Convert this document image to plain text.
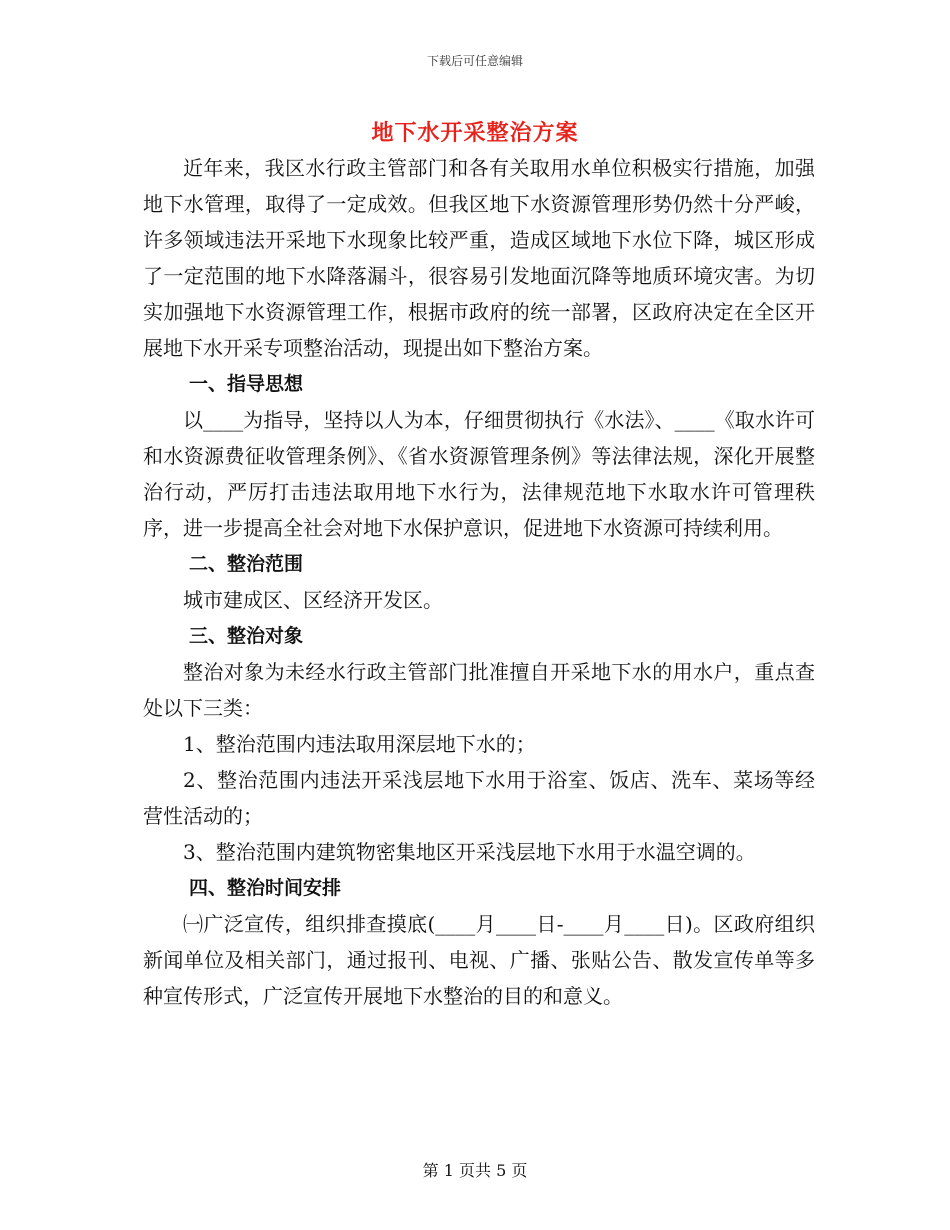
下载后可任意编辑
地下水开采整治方案

近年来，我区水行政主管部门和各有关取用水单位积极实行措施，加强地下水管理，取得了一定成效。但我区地下水资源管理形势仍然十分严峻，许多领域违法开采地下水现象比较严重，造成区域地下水位下降，城区形成了一定范围的地下水降落漏斗，很容易引发地面沉降等地质环境灾害。为切实加强地下水资源管理工作，根据市政府的统一部署，区政府决定在全区开展地下水开采专项整治活动，现提出如下整治方案。

一、指导思想

以____为指导，坚持以人为本，仔细贯彻执行《水法》、____《取水许可和水资源费征收管理条例》、《省水资源管理条例》等法律法规，深化开展整治行动，严厉打击违法取用地下水行为，法律规范地下水取水许可管理秩序，进一步提高全社会对地下水保护意识，促进地下水资源可持续利用。

二、整治范围

城市建成区、区经济开发区。

三、整治对象

整治对象为未经水行政主管部门批准擅自开采地下水的用水户，重点查处以下三类：

1、整治范围内违法取用深层地下水的；

2、整治范围内违法开采浅层地下水用于浴室、饭店、洗车、菜场等经营性活动的；

3、整治范围内建筑物密集地区开采浅层地下水用于水温空调的。

四、整治时间安排

㈠广泛宣传，组织排查摸底(____月____日-____月____日)。区政府组织新闻单位及相关部门，通过报刊、电视、广播、张贴公告、散发宣传单等多种宣传形式，广泛宣传开展地下水整治的目的和意义。

第 1 页共 5 页
